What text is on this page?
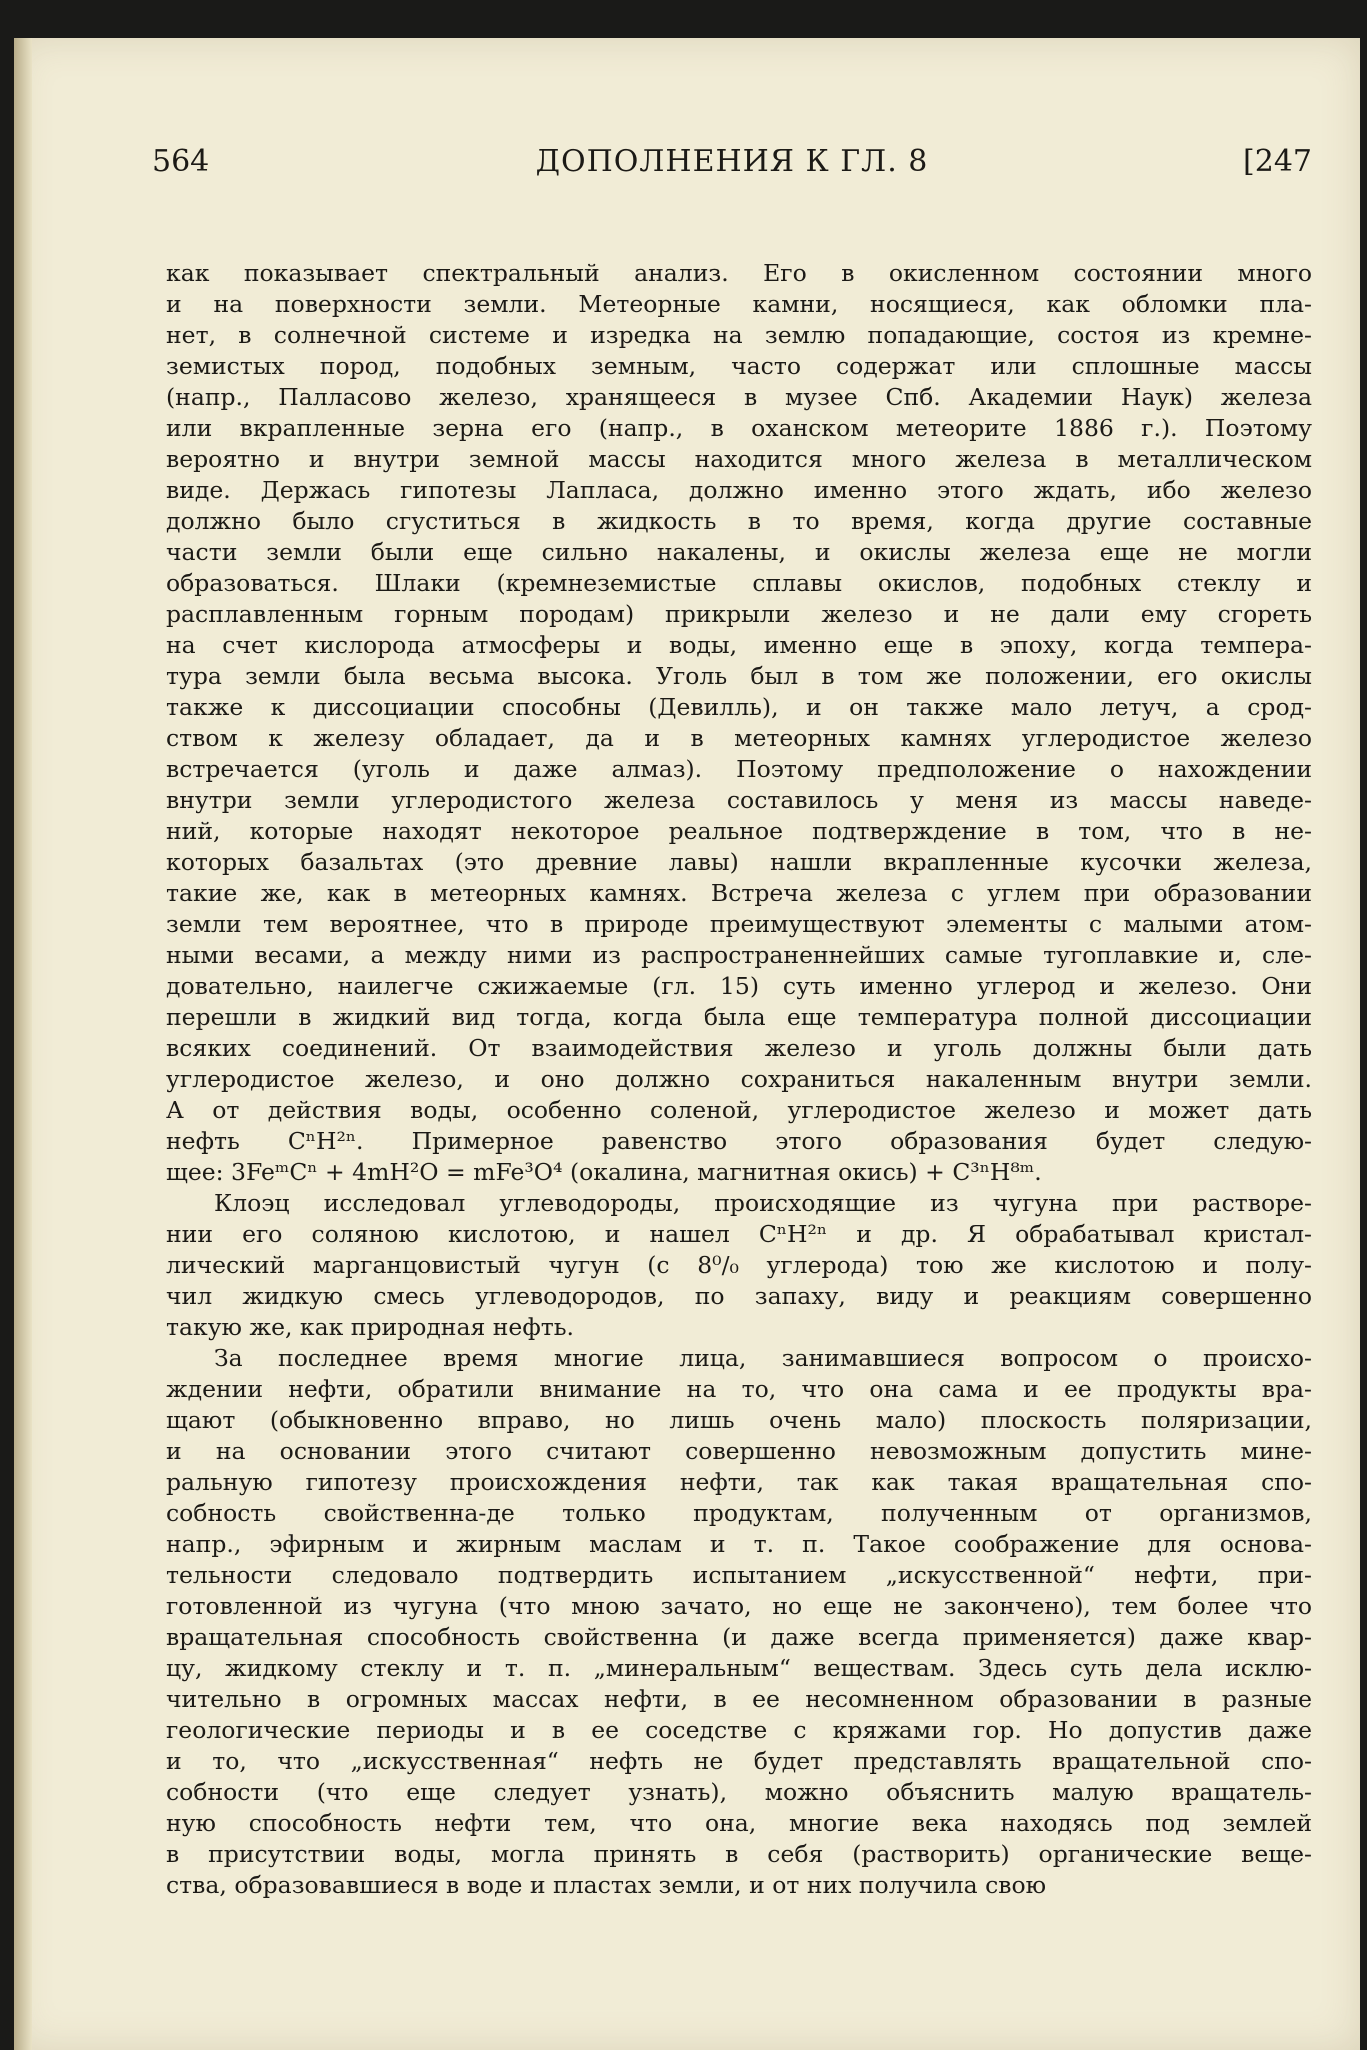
564	ДОПОЛНЕНИЯ К ГЛ. 8	[247

как показывает спектральный анализ. Его в окисленном состоянии много
и на поверхности земли. Метеорные камни, носящиеся, как обломки пла-
нет, в солнечной системе и изредка на землю попадающие, состоя из кремне-
земистых пород, подобных земным, часто содержат или сплошные массы
(напр., Палласово железо, хранящееся в музее Спб. Академии Наук) железа
или вкрапленные зерна его (напр., в оханском метеорите 1886 г.). Поэтому
вероятно и внутри земной массы находится много железа в металлическом
виде. Держась гипотезы Лапласа, должно именно этого ждать, ибо железо
должно было сгуститься в жидкость в то время, когда другие составные
части земли были еще сильно накалены, и окислы железа еще не могли
образоваться. Шлаки (кремнеземистые сплавы окислов, подобных стеклу и
расплавленным горным породам) прикрыли железо и не дали ему сгореть
на счет кислорода атмосферы и воды, именно еще в эпоху, когда темпера-
тура земли была весьма высока. Уголь был в том же положении, его окислы
также к диссоциации способны (Девилль), и он также мало летуч, а срод-
ством к железу обладает, да и в метеорных камнях углеродистое железо
встречается (уголь и даже алмаз). Поэтому предположение о нахождении
внутри земли углеродистого железа составилось у меня из массы наведе-
ний, которые находят некоторое реальное подтверждение в том, что в не-
которых базальтах (это древние лавы) нашли вкрапленные кусочки железа,
такие же, как в метеорных камнях. Встреча железа с углем при образовании
земли тем вероятнее, что в природе преимуществуют элементы с малыми атом-
ными весами, а между ними из распространеннейших самые тугоплавкие и, сле-
довательно, наилегче сжижаемые (гл. 15) суть именно углерод и железо. Они
перешли в жидкий вид тогда, когда была еще температура полной диссоциации
всяких соединений. От взаимодействия железо и уголь должны были дать
углеродистое железо, и оно должно сохраниться накаленным внутри земли.
А от действия воды, особенно соленой, углеродистое железо и может дать
нефть CⁿH²ⁿ. Примерное равенство этого образования будет следую-
щее: 3FeᵐCⁿ + 4mH²O = mFe³O⁴ (окалина, магнитная окись) + C³ⁿH⁸ᵐ.

Клоэц исследовал углеводороды, происходящие из чугуна при растворе-
нии его соляною кислотою, и нашел CⁿH²ⁿ и др. Я обрабатывал кристал-
лический марганцовистый чугун (с 8⁰/₀ углерода) тою же кислотою и полу-
чил жидкую смесь углеводородов, по запаху, виду и реакциям совершенно
такую же, как природная нефть.

За последнее время многие лица, занимавшиеся вопросом о происхо-
ждении нефти, обратили внимание на то, что она сама и ее продукты вра-
щают (обыкновенно вправо, но лишь очень мало) плоскость поляризации,
и на основании этого считают совершенно невозможным допустить мине-
ральную гипотезу происхождения нефти, так как такая вращательная спо-
собность свойственна-де только продуктам, полученным от организмов,
напр., эфирным и жирным маслам и т. п. Такое соображение для основа-
тельности следовало подтвердить испытанием „искусственной“ нефти, при-
готовленной из чугуна (что мною зачато, но еще не закончено), тем более что
вращательная способность свойственна (и даже всегда применяется) даже квар-
цу, жидкому стеклу и т. п. „минеральным“ веществам. Здесь суть дела исклю-
чительно в огромных массах нефти, в ее несомненном образовании в разные
геологические периоды и в ее соседстве с кряжами гор. Но допустив даже
и то, что „искусственная“ нефть не будет представлять вращательной спо-
собности (что еще следует узнать), можно объяснить малую вращатель-
ную способность нефти тем, что она, многие века находясь под землей
в присутствии воды, могла принять в себя (растворить) органические веще-
ства, образовавшиеся в воде и пластах земли, и от них получила свою
